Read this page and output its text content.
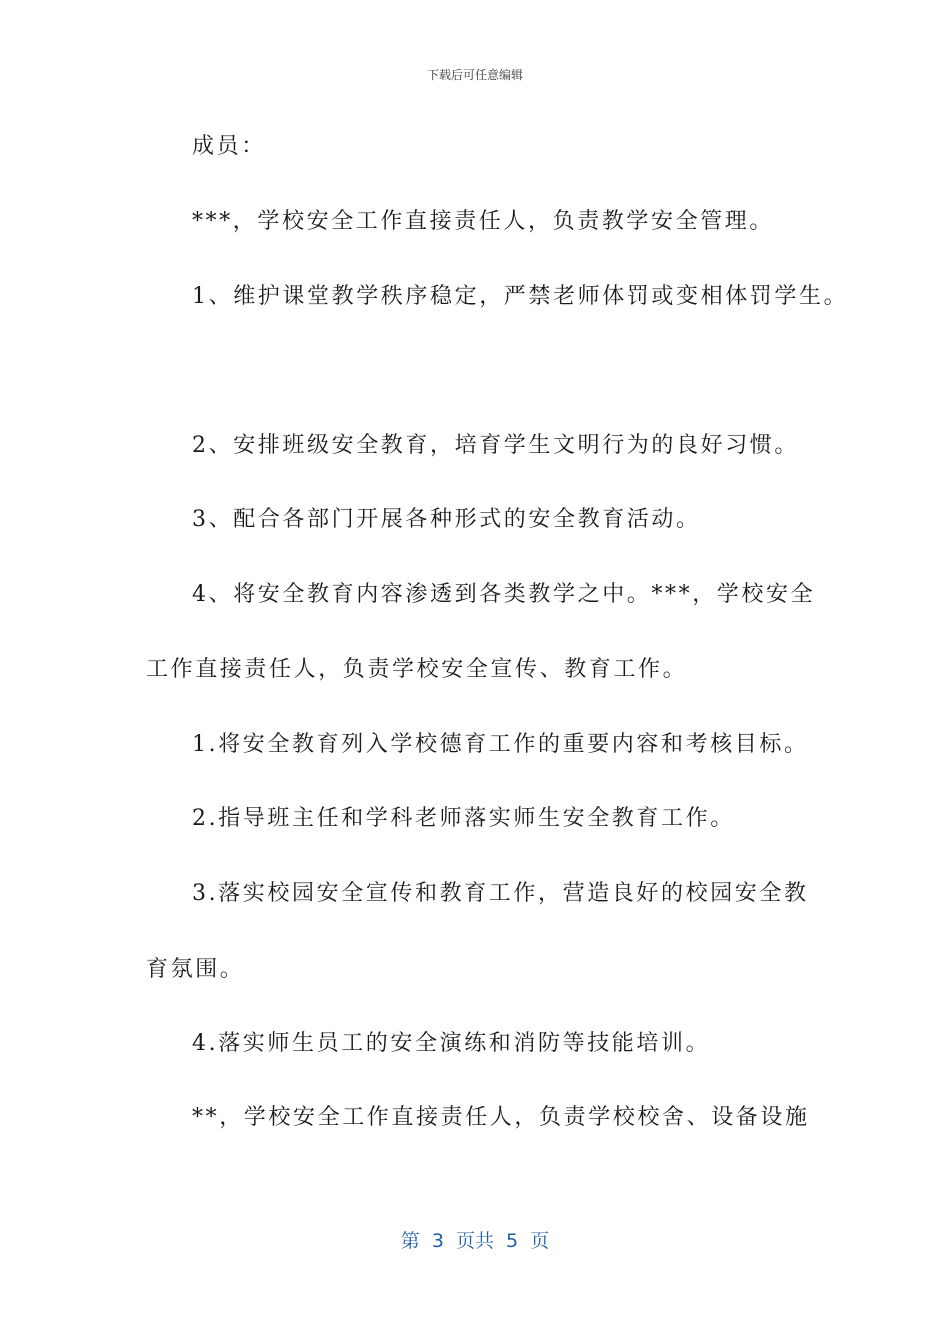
下载后可任意编辑
成员：
***，学校安全工作直接责任人，负责教学安全管理。
1、维护课堂教学秩序稳定，严禁老师体罚或变相体罚学生。
2、安排班级安全教育，培育学生文明行为的良好习惯。
3、配合各部门开展各种形式的安全教育活动。
4、将安全教育内容渗透到各类教学之中。***，学校安全
工作直接责任人，负责学校安全宣传、教育工作。
1.将安全教育列入学校德育工作的重要内容和考核目标。
2.指导班主任和学科老师落实师生安全教育工作。
3.落实校园安全宣传和教育工作，营造良好的校园安全教
育氛围。
4.落实师生员工的安全演练和消防等技能培训。
**，学校安全工作直接责任人，负责学校校舍、设备设施
第 3 页共 5 页
